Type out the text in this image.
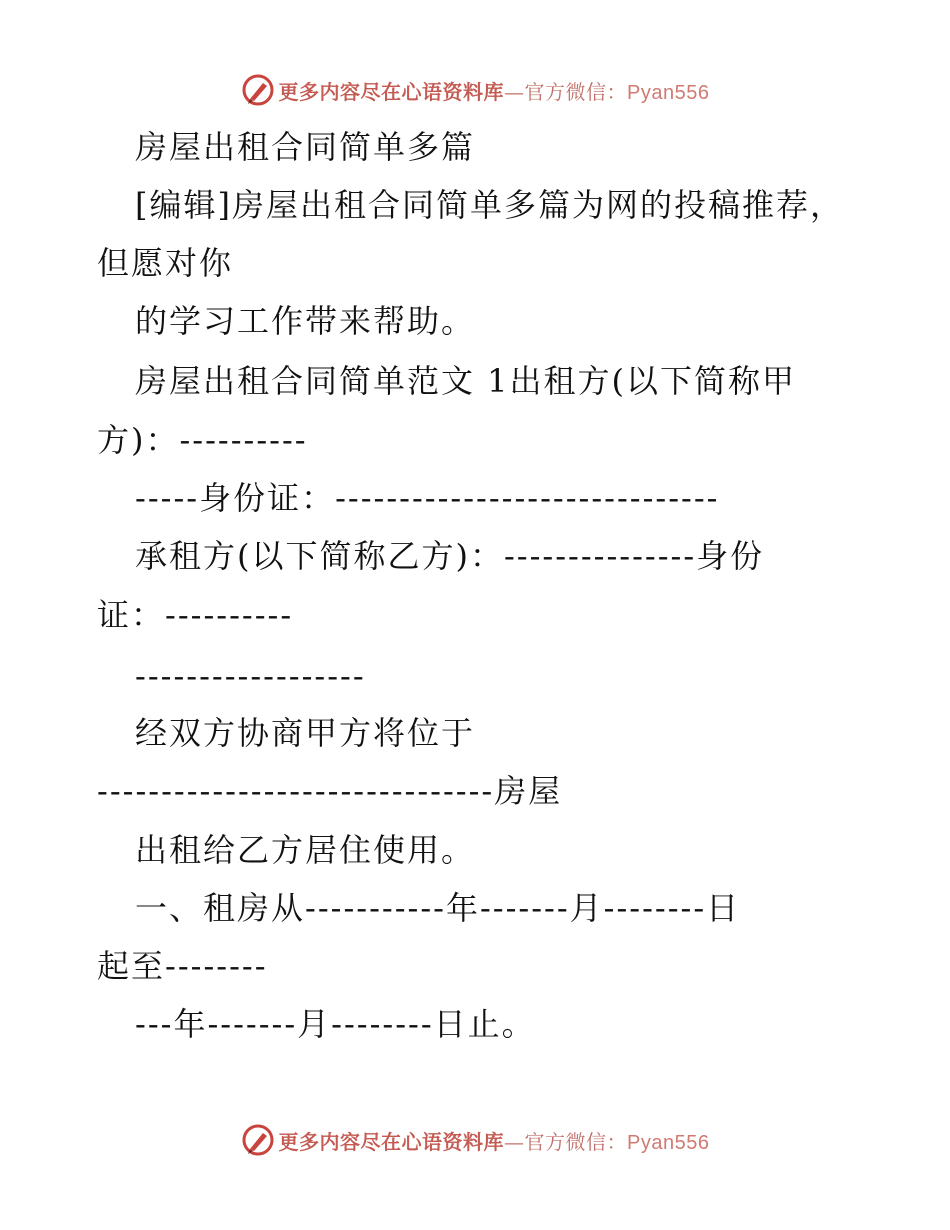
更多内容尽在心语资料库—官方微信：Pyan556
房屋出租合同简单多篇
[编辑]房屋出租合同简单多篇为网的投稿推荐，
但愿对你
的学习工作带来帮助。
房屋出租合同简单范文 1出租方(以下简称甲
方)：----------
-----身份证：------------------------------
承租方(以下简称乙方)：---------------身份
证：----------
------------------
经双方协商甲方将位于
-------------------------------房屋
出租给乙方居住使用。
一、租房从-----------年-------月--------日
起至--------
---年-------月--------日止。
更多内容尽在心语资料库—官方微信：Pyan556
